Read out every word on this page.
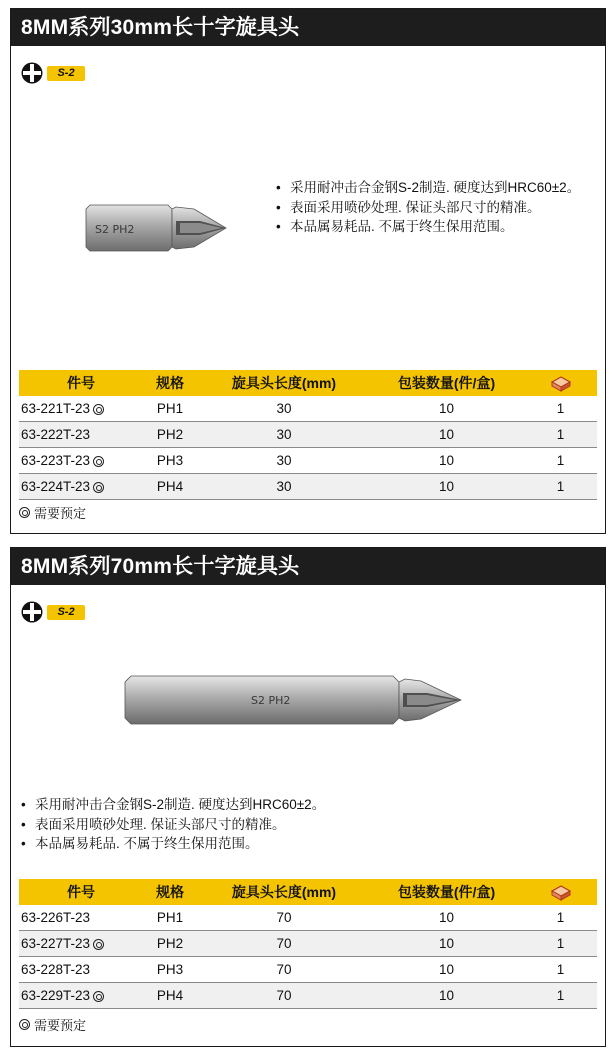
8MM系列30mm长十字旋具头
S-2
S2 PH2
• 采用耐冲击合金钢S-2制造. 硬度达到HRC60±2。
• 表面采用喷砂处理. 保证头部尺寸的精准。
• 本品属易耗品. 不属于终生保用范围。
件号	规格	旋具头长度(mm)	包装数量(件/盒)	
63-221T-23	PH1	30	10	1
63-222T-23	PH2	30	10	1
63-223T-23	PH3	30	10	1
63-224T-23	PH4	30	10	1
需要预定
8MM系列70mm长十字旋具头
S-2
S2 PH2
• 采用耐冲击合金钢S-2制造. 硬度达到HRC60±2。
• 表面采用喷砂处理. 保证头部尺寸的精准。
• 本品属易耗品. 不属于终生保用范围。
件号	规格	旋具头长度(mm)	包装数量(件/盒)	
63-226T-23	PH1	70	10	1
63-227T-23	PH2	70	10	1
63-228T-23	PH3	70	10	1
63-229T-23	PH4	70	10	1
需要预定
